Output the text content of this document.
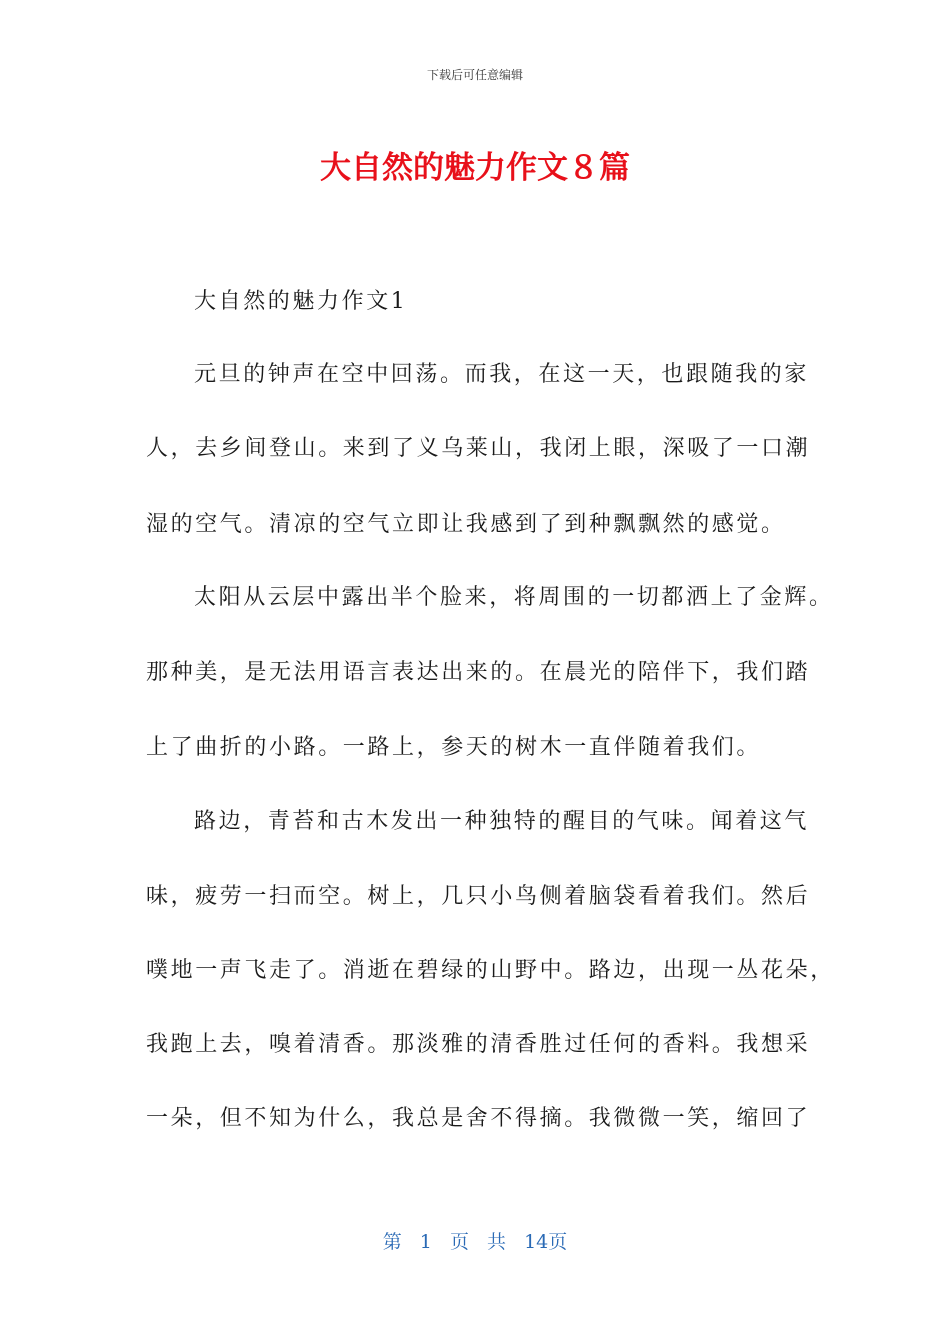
下载后可任意编辑
大自然的魅力作文８篇
大自然的魅力作文1
元旦的钟声在空中回荡。而我，在这一天，也跟随我的家
人，去乡间登山。来到了义乌莱山，我闭上眼，深吸了一口潮
湿的空气。清凉的空气立即让我感到了到种飘飘然的感觉。
太阳从云层中露出半个脸来，将周围的一切都洒上了金辉。
那种美，是无法用语言表达出来的。在晨光的陪伴下，我们踏
上了曲折的小路。一路上，参天的树木一直伴随着我们。
路边，青苔和古木发出一种独特的醒目的气味。闻着这气
味，疲劳一扫而空。树上，几只小鸟侧着脑袋看着我们。然后
噗地一声飞走了。消逝在碧绿的山野中。路边，出现一丛花朵，
我跑上去，嗅着清香。那淡雅的清香胜过任何的香料。我想采
一朵，但不知为什么，我总是舍不得摘。我微微一笑，缩回了
第 1 页 共 14页
